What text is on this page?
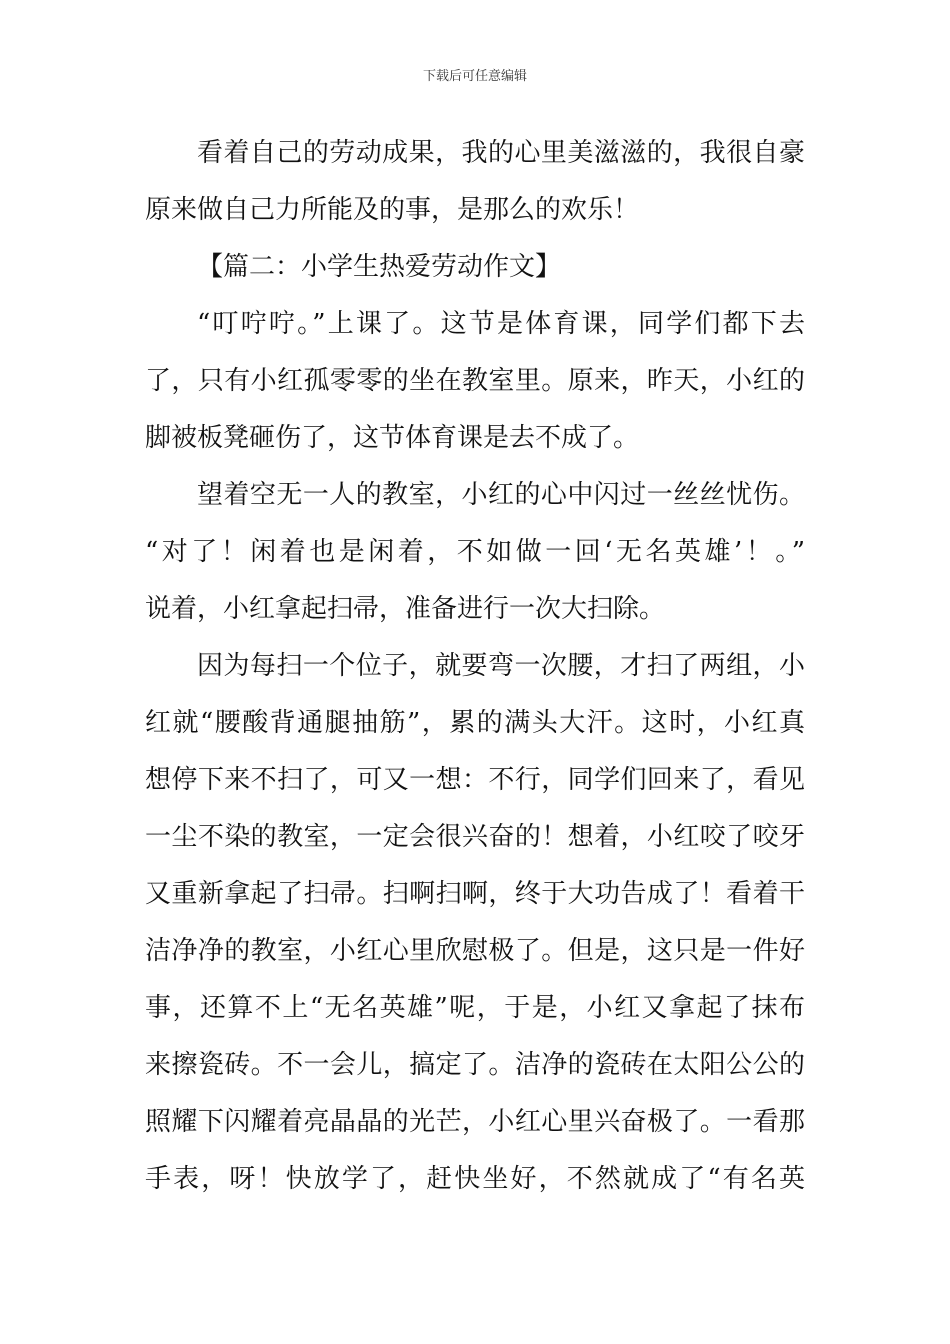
下载后可任意编辑
看着自己的劳动成果，我的心里美滋滋的，我很自豪
原来做自己力所能及的事，是那么的欢乐！
【篇二：小学生热爱劳动作文】
“叮咛咛。”上课了。这节是体育课，同学们都下去
了，只有小红孤零零的坐在教室里。原来，昨天，小红的
脚被板凳砸伤了，这节体育课是去不成了。
望着空无一人的教室，小红的心中闪过一丝丝忧伤。
“对了！闲着也是闲着，不如做一回‘无名英雄’！。”
说着，小红拿起扫帚，准备进行一次大扫除。
因为每扫一个位子，就要弯一次腰，才扫了两组，小
红就“腰酸背通腿抽筋”，累的满头大汗。这时，小红真
想停下来不扫了，可又一想：不行，同学们回来了，看见
一尘不染的教室，一定会很兴奋的！想着，小红咬了咬牙
又重新拿起了扫帚。扫啊扫啊，终于大功告成了！看着干
洁净净的教室，小红心里欣慰极了。但是，这只是一件好
事，还算不上“无名英雄”呢，于是，小红又拿起了抹布
来擦瓷砖。不一会儿，搞定了。洁净的瓷砖在太阳公公的
照耀下闪耀着亮晶晶的光芒，小红心里兴奋极了。一看那
手表，呀！快放学了，赶快坐好，不然就成了“有名英
